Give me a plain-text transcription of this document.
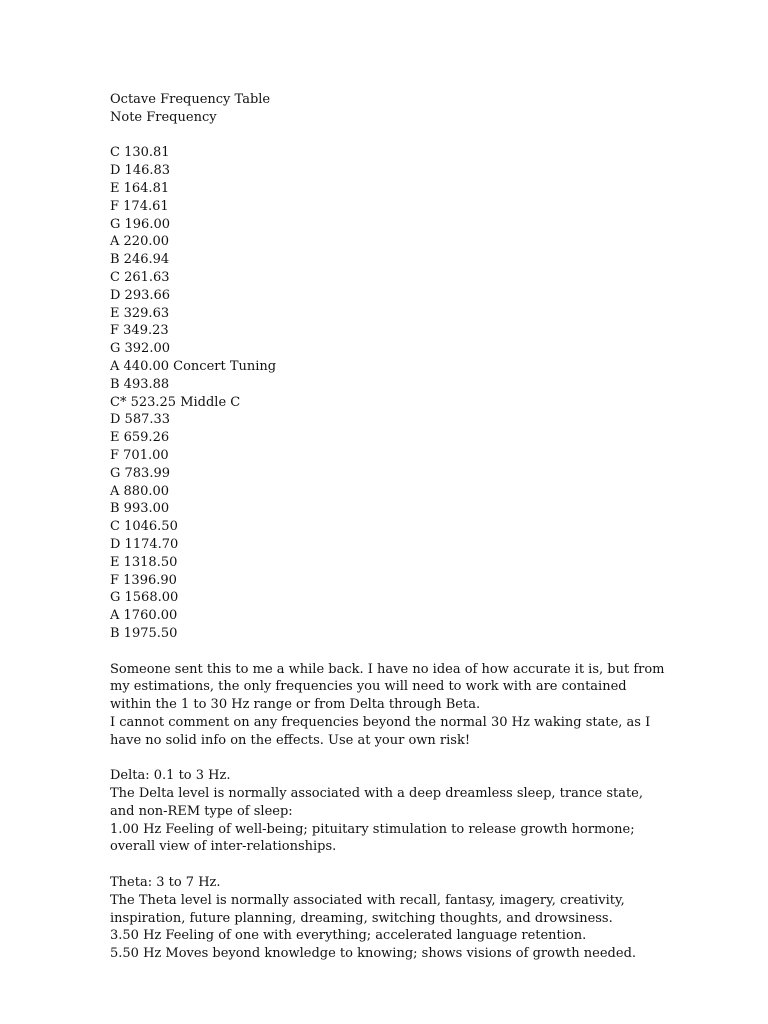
Octave Frequency Table
Note Frequency
C 130.81
D 146.83
E 164.81
F 174.61
G 196.00
A 220.00
B 246.94
C 261.63
D 293.66
E 329.63
F 349.23
G 392.00
A 440.00 Concert Tuning
B 493.88
C* 523.25 Middle C
D 587.33
E 659.26
F 701.00
G 783.99
A 880.00
B 993.00
C 1046.50
D 1174.70
E 1318.50
F 1396.90
G 1568.00
A 1760.00
B 1975.50
Someone sent this to me a while back. I have no idea of how accurate it is, but from
my estimations, the only frequencies you will need to work with are contained
within the 1 to 30 Hz range or from Delta through Beta.
I cannot comment on any frequencies beyond the normal 30 Hz waking state, as I
have no solid info on the effects. Use at your own risk!
Delta: 0.1 to 3 Hz.
The Delta level is normally associated with a deep dreamless sleep, trance state,
and non-REM type of sleep:
1.00 Hz Feeling of well-being; pituitary stimulation to release growth hormone;
overall view of inter-relationships.
Theta: 3 to 7 Hz.
The Theta level is normally associated with recall, fantasy, imagery, creativity,
inspiration, future planning, dreaming, switching thoughts, and drowsiness.
3.50 Hz Feeling of one with everything; accelerated language retention.
5.50 Hz Moves beyond knowledge to knowing; shows visions of growth needed.
